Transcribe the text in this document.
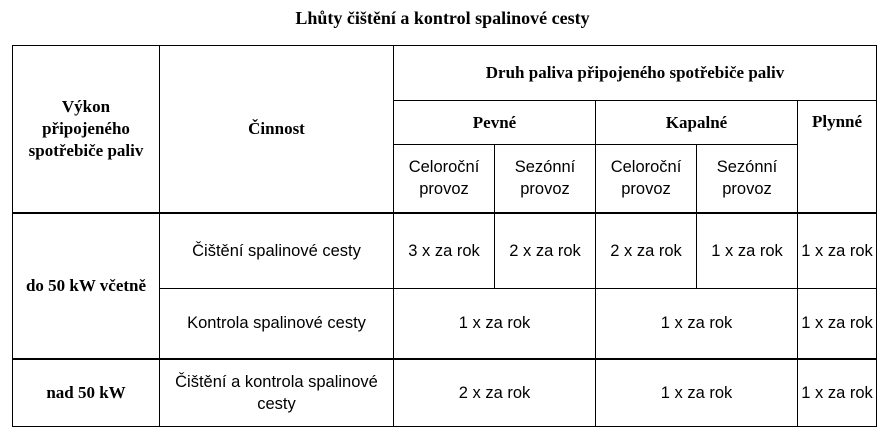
Lhůty čištění a kontrol spalinové cesty
Výkon připojeného spotřebiče paliv	Činnost	Druh paliva připojeného spotřebiče paliv				
		Pevné		Kapalné		Plynné
		Celoroční provoz	Sezónní provoz	Celoroční provoz	Sezónní provoz	
do 50 kW včetně	Čištění spalinové cesty	3 x za rok	2 x za rok	2 x za rok	1 x za rok	1 x za rok
	Kontrola spalinové cesty	1 x za rok		1 x za rok		1 x za rok
nad 50 kW	Čištění a kontrola spalinové cesty	2 x za rok		1 x za rok		1 x za rok
